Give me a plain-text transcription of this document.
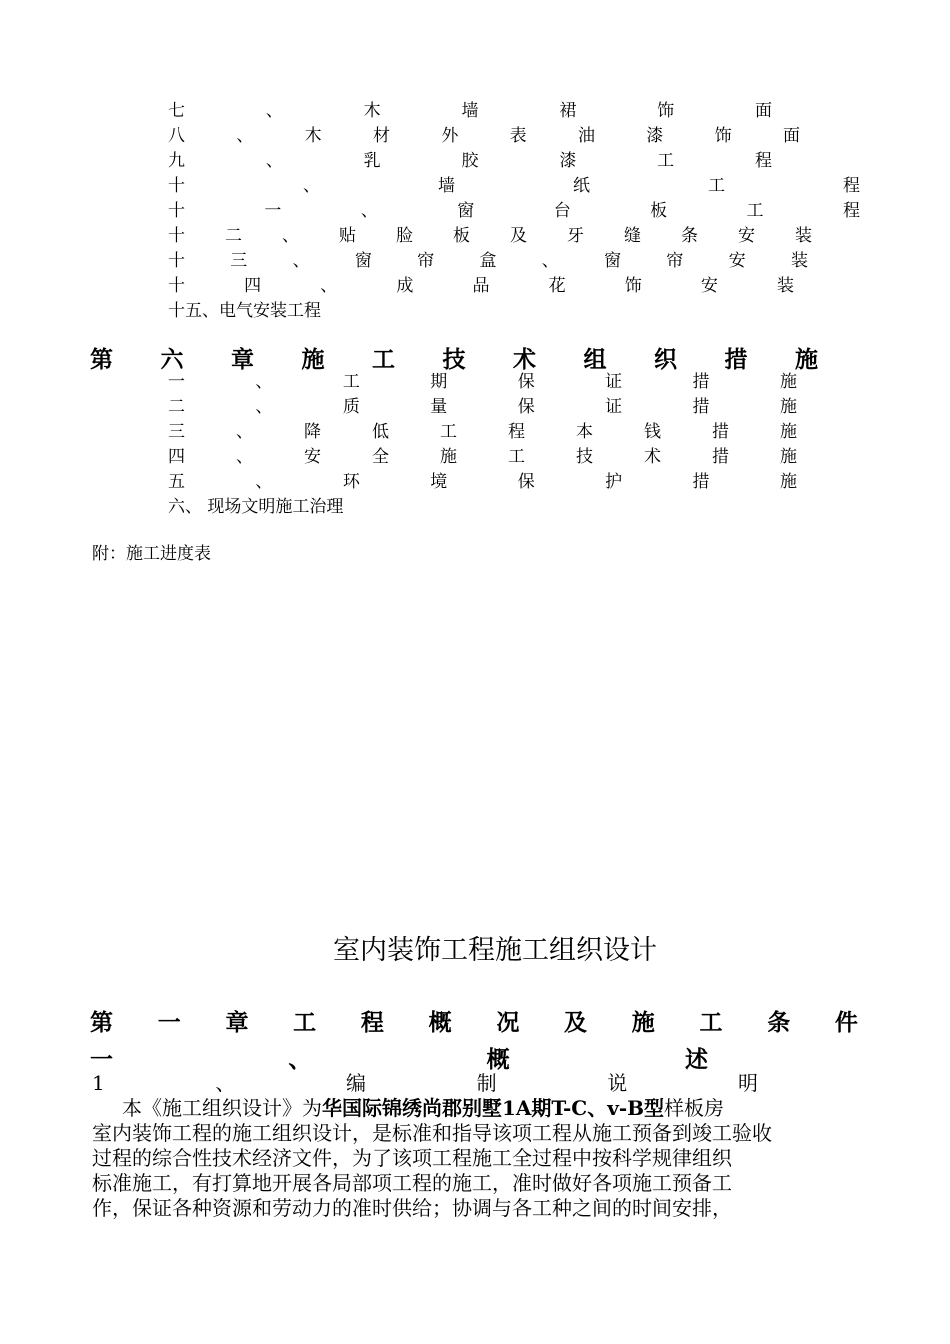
七	、	木	墙	裙	饰	面
八	、	木	材	外	表	油	漆	饰	面
九	、	乳	胶	漆	工	程
十	、	墙	纸	工	程
十	一	、	窗	台	板	工	程
十 二 、 贴 脸 板 及 牙 缝 条 安 装
十	三	、	窗	帘	盒	、	窗	帘	安	装
十	四	、	成	品	花	饰	安	装
十五、电气安装工程
第 六 章 施 工 技 术 组 织 措 施
一	、	工	期	保	证	措	施
二	、	质	量	保	证	措	施
三	、	降	低	工	程	本	钱	措	施
四	、	安	全	施	工	技	术	措	施
五	、	环	境	保	护	措	施
六、 现场文明施工治理
附：施工进度表
室内装饰工程施工组织设计
第 一 章 工 程 概 况 及 施 工 条 件
一	、	概	述
1	、	编	制	说	明
本《施工组织设计》为华国际锦绣尚郡别墅1A期T-C、v-B型样板房
室内装饰工程的施工组织设计，是标准和指导该项工程从施工预备到竣工验收
过程的综合性技术经济文件，为了该项工程施工全过程中按科学规律组织
标准施工，有打算地开展各局部项工程的施工，准时做好各项施工预备工
作，保证各种资源和劳动力的准时供给；协调与各工种之间的时间安排，
